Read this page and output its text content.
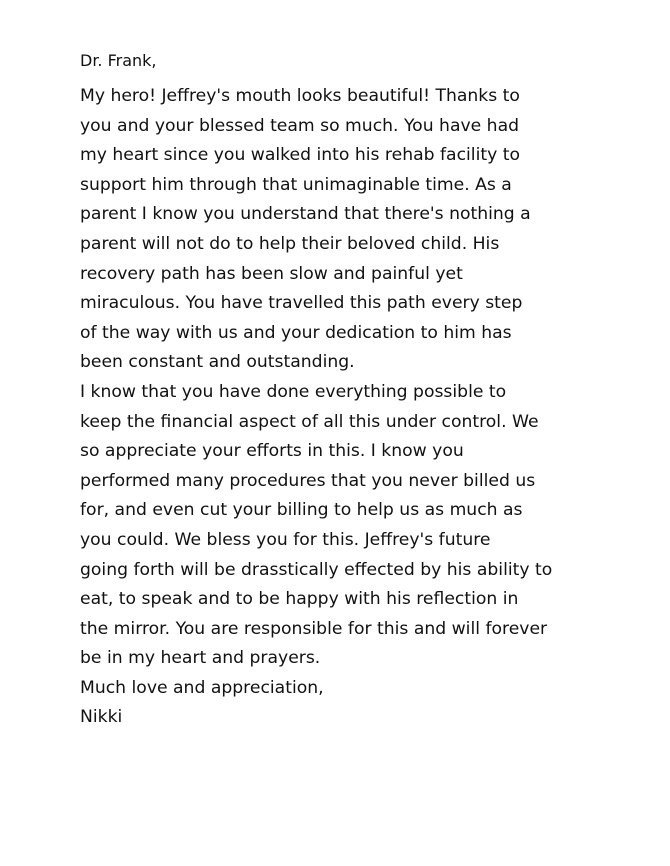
Dr. Frank,
My hero! Jeffrey's mouth looks beautiful! Thanks to
you and your blessed team so much. You have had
my heart since you walked into his rehab facility to
support him through that unimaginable time. As a
parent I know you understand that there's nothing a
parent will not do to help their beloved child. His
recovery path has been slow and painful yet
miraculous. You have travelled this path every step
of the way with us and your dedication to him has
been constant and outstanding.
I know that you have done everything possible to
keep the financial aspect of all this under control. We
so appreciate your efforts in this. I know you
performed many procedures that you never billed us
for, and even cut your billing to help us as much as
you could. We bless you for this. Jeffrey's future
going forth will be drasstically effected by his ability to
eat, to speak and to be happy with his reflection in
the mirror. You are responsible for this and will forever
be in my heart and prayers.
Much love and appreciation,
Nikki
